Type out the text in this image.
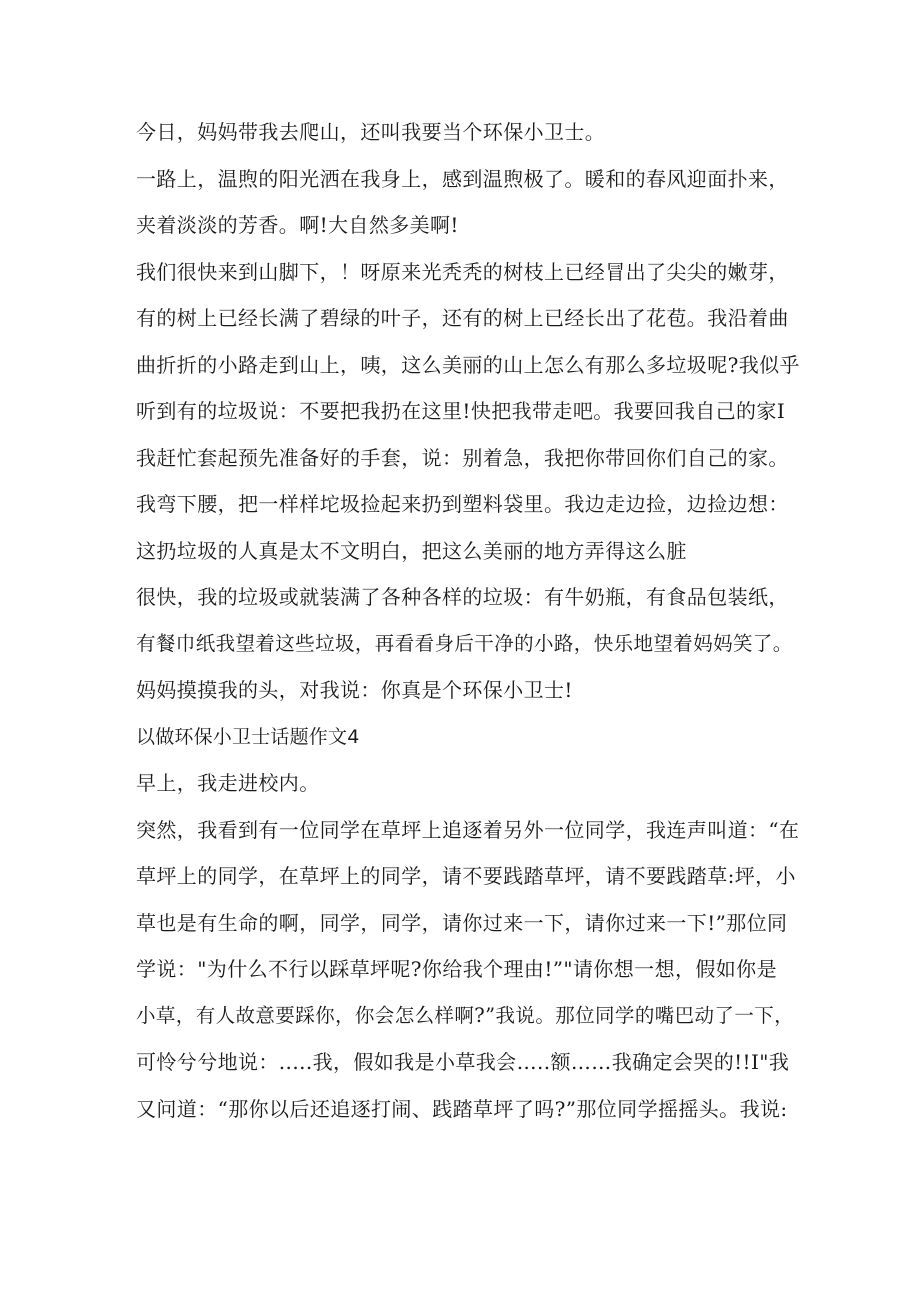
今日，妈妈带我去爬山，还叫我要当个环保小卫士。
一路上，温煦的阳光洒在我身上，感到温煦极了。暖和的春风迎面扑来，
夹着淡淡的芳香。啊!大自然多美啊!
我们很快来到山脚下，！呀原来光秃秃的树枝上已经冒出了尖尖的嫩芽，
有的树上已经长满了碧绿的叶子，还有的树上已经长出了花苞。我沿着曲
曲折折的小路走到山上，咦，这么美丽的山上怎么有那么多垃圾呢?我似乎
听到有的垃圾说：不要把我扔在这里!快把我带走吧。我要回我自己的家I
我赶忙套起预先准备好的手套，说：别着急，我把你带回你们自己的家。
我弯下腰，把一样样坨圾捡起来扔到塑料袋里。我边走边捡，边捡边想：
这扔垃圾的人真是太不文明白，把这么美丽的地方弄得这么脏
很快，我的垃圾或就装满了各种各样的垃圾：有牛奶瓶，有食品包装纸，
有餐巾纸我望着这些垃圾，再看看身后干净的小路，快乐地望着妈妈笑了。
妈妈摸摸我的头，对我说：你真是个环保小卫士!
以做环保小卫士话题作文4
早上，我走进校内。
突然，我看到有一位同学在草坪上追逐着另外一位同学，我连声叫道：“在
草坪上的同学，在草坪上的同学，请不要践踏草坪，请不要践踏草:坪，小
草也是有生命的啊，同学，同学，请你过来一下，请你过来一下!”那位同
学说："为什么不行以踩草坪呢?你给我个理由!”"请你想一想，假如你是
小草，有人故意要踩你，你会怎么样啊?”我说。那位同学的嘴巴动了一下，
可怜兮兮地说：.....我，假如我是小草我会…..额……我确定会哭的!!I"我
又问道：“那你以后还追逐打闹、践踏草坪了吗?”那位同学摇摇头。我说:
